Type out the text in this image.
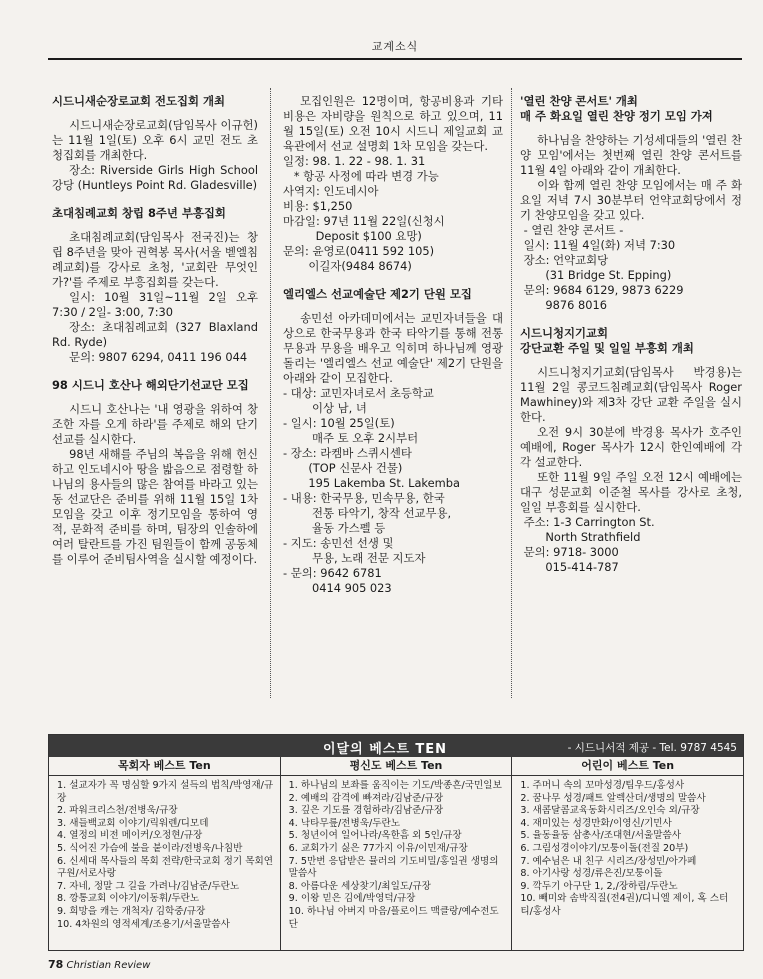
교계소식
시드니새순장로교회 전도집회 개최

시드니새순장로교회(담임목사 이규헌)는 11월 1일(토) 오후 6시 교민 전도 초청집회를 개최한다.

장소: Riverside Girls High School 강당 (Huntleys Point Rd. Gladesville)

초대침례교회 창립 8주년 부흥집회

초대침례교회(담임목사 전국진)는 창립 8주년을 맞아 권혁봉 목사(서울 벧엘침례교회)를 강사로 초청, '교회란 무엇인가?'를 주제로 부흥집회를 갖는다.

일시: 10월 31일~11월 2일 오후 7:30 / 2일- 3:00, 7:30

장소: 초대침례교회 (327 Blaxland Rd. Ryde)

문의: 9807 6294, 0411 196 044

98 시드니 호산나 해외단기선교단 모집

시드니 호산나는 '내 영광을 위하여 창조한 자를 오게 하라'를 주제로 해외 단기 선교를 실시한다.

98년 새해를 주님의 복음을 위해 헌신하고 인도네시아 땅을 밟음으로 점령할 하나님의 용사들의 많은 참여를 바라고 있는 동 선교단은 준비를 위해 11월 15일 1차 모임을 갖고 이후 정기모임을 통하여 영적, 문화적 준비를 하며, 팀장의 인솔하에 여러 탈란트를 가진 팀원들이 함께 공동체를 이루어 준비팀사역을 실시할 예정이다.

모집인원은 12명이며, 항공비용과 기타비용은 자비량을 원칙으로 하고 있으며, 11월 15일(토) 오전 10시 시드니 제일교회 교육관에서 선교 설명회 1차 모임을 갖는다.

일정: 98. 1. 22 - 98. 1. 31
* 항공 사정에 따라 변경 가능
사역지: 인도네시아
비용: $1,250
마감일: 97년 11월 22일(신청시
Deposit $100 요망)
문의: 윤영로(0411 592 105)
이길자(9484 8674)
엘리엘스 선교예술단 제2기 단원 모집

송민선 아카데미에서는 교민자녀들을 대상으로 한국무용과 한국 타악기를 통해 전통무용과 무용을 배우고 익히며 하나님께 영광돌리는 '엘리엘스 선교 예술단' 제2기 단원을 아래와 같이 모집한다.

- 대상: 교민자녀로서 초등학교
이상 남, 녀
- 일시: 10월 25일(토)
매주 토 오후 2시부터
- 장소: 라켐바 스퀴시센타
(TOP 신문사 건물)
195 Lakemba St. Lakemba
- 내용: 한국무용, 민속무용, 한국
전통 타악기, 창작 선교무용,
율동 가스펠 등
- 지도: 송민선 선생 및
무용, 노래 전문 지도자
- 문의: 9642 6781
0414 905 023
'열린 찬양 콘서트' 개최
매 주 화요일 열린 찬양 정기 모임 가져

하나님을 찬양하는 기성세대들의 '열린 찬양 모임'에서는 첫번째 열린 찬양 콘서트를 11월 4일 아래와 같이 개최한다.

이와 함께 열린 찬양 모임에서는 매 주 화요일 저녁 7시 30분부터 언약교회당에서 정기 찬양모임을 갖고 있다.

- 열린 찬양 콘서트 -
일시: 11월 4일(화) 저녁 7:30
장소: 언약교회당
(31 Bridge St. Epping)
문의: 9684 6129, 9873 6229
9876 8016
시드니청지기교회
강단교환 주일 및 일일 부흥회 개최

시드니청지기교회(담임목사 박경용)는 11월 2일 콩코드침례교회(담임목사 Roger Mawhiney)와 제3차 강단 교환 주일을 실시한다.

오전 9시 30분에 박경용 목사가 호주인 예배에, Roger 목사가 12시 한인예배에 각각 설교한다.

또한 11월 9일 주일 오전 12시 예배에는 대구 성문교회 이준철 목사를 강사로 초청, 일일 부흥회를 실시한다.

주소: 1-3 Carrington St.
North Strathfield
문의: 9718- 3000
015-414-787
이달의 베스트 TEN	- 시드니서적 제공 - Tel. 9787 4545
목회자 베스트 Ten
1. 설교자가 꼭 명심할 9가지 설득의 법칙/박영재/규장
2. 파워크리스천/전병욱/규장
3. 새들백교회 이야기/릭워렌/디모데
4. 열정의 비전 메이커/오정현/규장
5. 식어진 가슴에 불을 붙이라/전병욱/나침반
6. 신세대 목사들의 목회 전략/한국교회 정기 목회연구원/서로사랑
7. 자네, 정말 그 길을 가려나/김남준/두란노
8. 깡통교회 이야기/이동휘/두란노
9. 희망을 캐는 개척자/ 김학중/규장
10. 4차원의 영적세계/조용기/서울말씀사
평신도 베스트 Ten
1. 하나님의 보좌를 움직이는 기도/박종흔/국민일보
2. 예배의 감격에 빠져라/김남준/규장
3. 깊은 기도를 경험하라/김남준/규장
4. 낙타무릎/전병욱/두란노
5. 청년이여 일어나라/옥한흠 외 5인/규장
6. 교회가기 싫은 77가지 이유/이민재/규장
7. 5만번 응답받은 뮬러의 기도비밀/홍일권 생명의 말씀사
8. 아름다운 세상찾기/최일도/규장
9. 이왕 믿은 김에/박영덕/규장
10. 하나님 아버지 마음/플로이드 맥클랑/예수전도단
어린이 베스트 Ten
1. 주머니 속의 꼬마성경/팀우드/홍성사
2. 꿈나무 성경/패트 알렉산더/생명의 말씀사
3. 새콤달콤교육동화시리즈/오인숙 외/규장
4. 재미있는 성경만화/이영신/기민사
5. 율동율동 삼총사/조대현/서울말씀사
6. 그림성경이야기/모퉁이돌(전질 20부)
7. 예수님은 내 친구 시리즈/장성민/아가페
8. 아기사랑 성경/류은진/모퉁이돌
9. 깍두기 아구단 1, 2,/장하림/두란노
10. 빼미와 솜박직질(전4권)/디니엘 제이, 혹 스터티/홍성사
78 Christian Review
